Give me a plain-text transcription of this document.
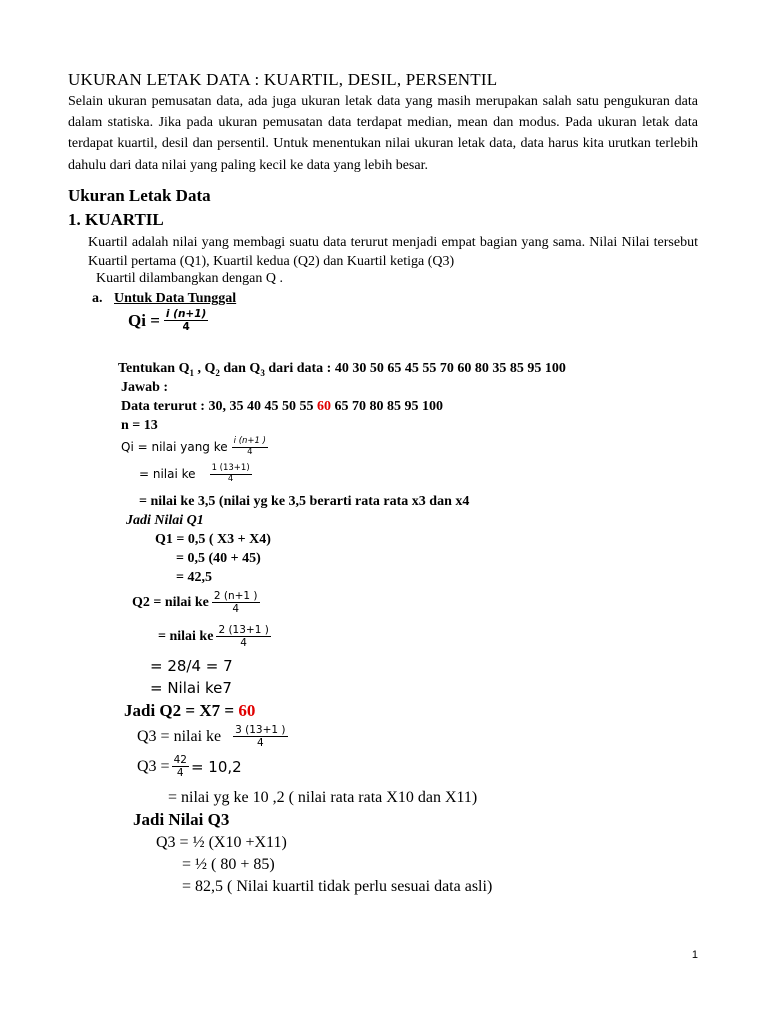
UKURAN LETAK DATA : KUARTIL, DESIL, PERSENTIL
Selain ukuran pemusatan data, ada juga ukuran letak data yang masih merupakan salah satu pengukuran data dalam statiska. Jika pada ukuran pemusatan data terdapat median, mean dan modus. Pada ukuran letak data terdapat kuartil, desil dan persentil. Untuk menentukan nilai ukuran letak data, data harus kita urutkan terlebih dahulu dari data nilai yang paling kecil ke data yang lebih besar.
Ukuran Letak Data
1. KUARTIL
Kuartil adalah nilai yang membagi suatu data terurut menjadi empat bagian yang sama. Nilai Nilai tersebut Kuartil pertama (Q1), Kuartil kedua (Q2) dan Kuartil ketiga (Q3)
Kuartil dilambangkan dengan Q .
a. Untuk Data Tunggal
$Qi = \frac{i (n+1)}{4}$
Tentukan $Q_1$ , $Q_2$ dan $Q_3$ dari data : 40 30 50 65 45 55 70 60 80 35 85 95 100
Jawab :
Data terurut : 30, 35 40 45 50 55 60 65 70 80 85 95 100
n = 13
Qi = nilai yang ke $\frac{i (n+1 )}{4}$
= nilai ke $\frac{1 (13+1)}{4}$
= nilai ke 3,5 (nilai yg ke 3,5 berarti rata rata x3 dan x4
Jadi Nilai Q1
Q1 = 0,5 ( X3 + X4)
= 0,5 (40 + 45)
= 42,5
Q2 = nilai ke $\frac{2 (n+1 )}{4}$
= nilai ke $\frac{2 (13+1 )}{4}$
= 28/4 = 7
= Nilai ke7
Jadi Q2 = X7 = 60
Q3 = nilai ke $\frac{3 (13+1 )}{4}$
$Q3 = \frac{42}{4} = 10,2$
= nilai yg ke 10 ,2 ( nilai rata rata X10 dan X11)
Jadi Nilai Q3
Q3 = ½ (X10 +X11)
= ½ ( 80 + 85)
= 82,5 ( Nilai kuartil tidak perlu sesuai data asli)
1
